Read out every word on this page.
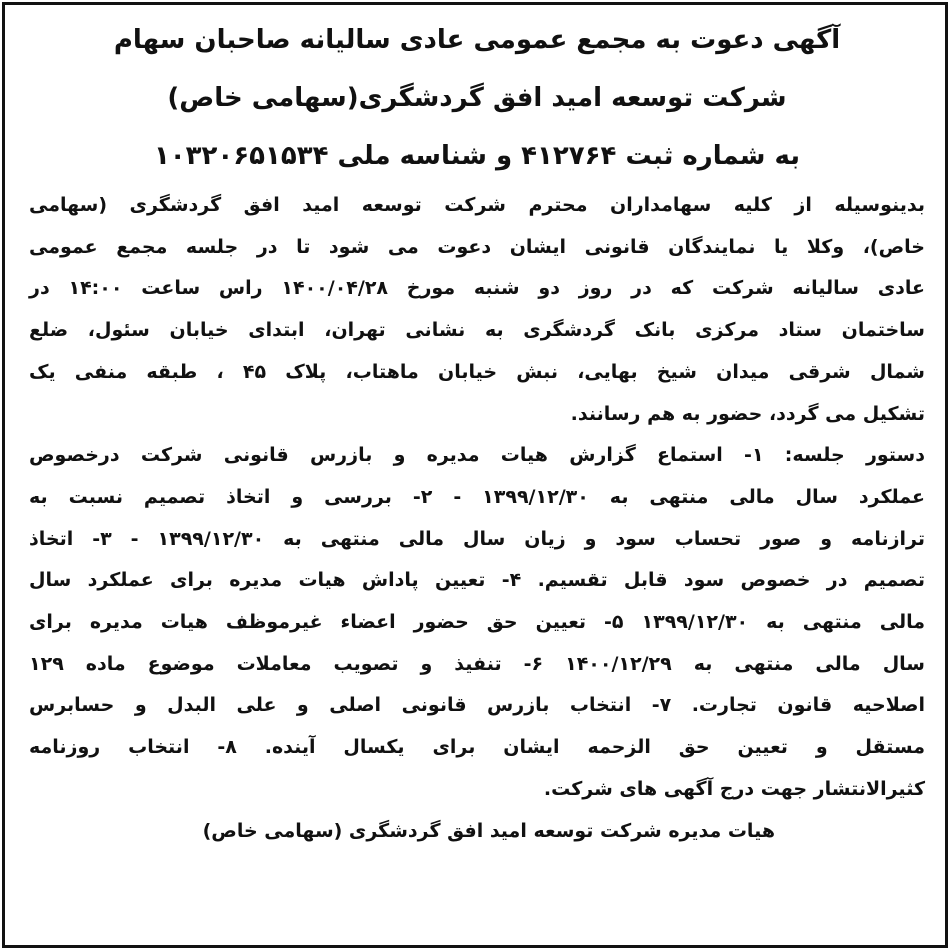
آگهی دعوت به مجمع عمومی عادی سالیانه صاحبان سهام
شرکت توسعه امید افق گردشگری(سهامی خاص)
به شماره ثبت ۴۱۲۷۶۴ و شناسه ملی ۱۰۳۲۰۶۵۱۵۳۴
بدینوسیله از کلیه سهامداران محترم شرکت توسعه امید افق گردشگری (سهامی
خاص)، وکلا یا نمایندگان قانونی ایشان دعوت می شود تا در جلسه مجمع عمومی
عادی سالیانه شرکت که در روز دو شنبه مورخ ۱۴۰۰/۰۴/۲۸ راس ساعت ۱۴:۰۰ در
ساختمان ستاد مرکزی بانک گردشگری به نشانی تهران، ابتدای خیابان سئول، ضلع
شمال شرقی میدان شیخ بهایی، نبش خیابان ماهتاب، پلاک ۴۵ ، طبقه منفی یک
تشکیل می گردد، حضور به هم رسانند.
دستور جلسه: ۱- استماع گزارش هیات مدیره و بازرس قانونی شرکت درخصوص
عملکرد سال مالی منتهی به ۱۳۹۹/۱۲/۳۰ - ۲- بررسی و اتخاذ تصمیم نسبت به
ترازنامه و صور تحساب سود و زیان سال مالی منتهی به ۱۳۹۹/۱۲/۳۰ - ۳- اتخاذ
تصمیم در خصوص سود قابل تقسیم. ۴- تعیین پاداش هیات مدیره برای عملکرد سال
مالی منتهی به ۱۳۹۹/۱۲/۳۰ ۵- تعیین حق حضور اعضاء غیرموظف هیات مدیره برای
سال مالی منتهی به ۱۴۰۰/۱۲/۲۹ ۶- تنفیذ و تصویب معاملات موضوع ماده ۱۲۹
اصلاحیه قانون تجارت. ۷- انتخاب بازرس قانونی اصلی و علی البدل و حسابرس
مستقل و تعیین حق الزحمه ایشان برای یکسال آینده. ۸- انتخاب روزنامه
کثیرالانتشار جهت درج آگهی های شرکت.
هیات مدیره شرکت توسعه امید افق گردشگری (سهامی خاص)
